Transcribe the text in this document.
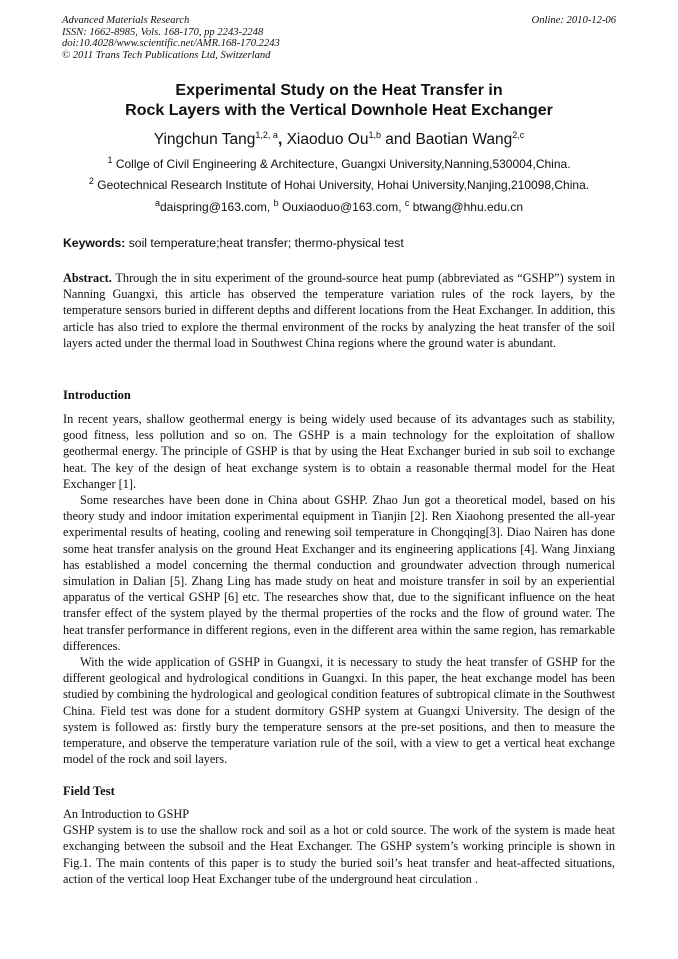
Advanced Materials Research
ISSN: 1662-8985, Vols. 168-170, pp 2243-2248
doi:10.4028/www.scientific.net/AMR.168-170.2243
© 2011 Trans Tech Publications Ltd, Switzerland
Online: 2010-12-06
Experimental Study on the Heat Transfer in
Rock Layers with the Vertical Downhole Heat Exchanger
Yingchun Tang$^{1,2, a}$, Xiaoduo Ou$^{1,b}$ and Baotian Wang$^{2,c}$
$^1$ Collge of Civil Engineering & Architecture, Guangxi University,Nanning,530004,China.
$^2$ Geotechnical Research Institute of Hohai University, Hohai University,Nanjing,210098,China.
$^a$daispring@163.com, $^b$ Ouxiaoduo@163.com, $^c$ btwang@hhu.edu.cn
Keywords: soil temperature;heat transfer; thermo-physical test
Abstract. Through the in situ experiment of the ground-source heat pump (abbreviated as “GSHP”) system in Nanning Guangxi, this article has observed the temperature variation rules of the rock layers, by the temperature sensors buried in different depths and different locations from the Heat Exchanger. In addition, this article has also tried to explore the thermal environment of the rocks by analyzing the heat transfer of the soil layers acted under the thermal load in Southwest China regions where the ground water is abundant.
Introduction

In recent years, shallow geothermal energy is being widely used because of its advantages such as stability, good fitness, less pollution and so on. The GSHP is a main technology for the exploitation of shallow geothermal energy. The principle of GSHP is that by using the Heat Exchanger buried in sub soil to exchange heat. The key of the design of heat exchange system is to obtain a reasonable thermal model for the Heat Exchanger [1].

Some researches have been done in China about GSHP. Zhao Jun got a theoretical model, based on his theory study and indoor imitation experimental equipment in Tianjin [2]. Ren Xiaohong presented the all-year experimental results of heating, cooling and renewing soil temperature in Chongqing[3]. Diao Nairen has done some heat transfer analysis on the ground Heat Exchanger and its engineering applications [4]. Wang Jinxiang has established a model concerning the thermal conduction and groundwater advection through numerical simulation in Dalian [5]. Zhang Ling has made study on heat and moisture transfer in soil by an experiential apparatus of the vertical GSHP [6] etc. The researches show that, due to the significant influence on the heat transfer effect of the system played by the thermal properties of the rocks and the flow of ground water. The heat transfer performance in different regions, even in the different area within the same region, has remarkable differences.

With the wide application of GSHP in Guangxi, it is necessary to study the heat transfer of GSHP for the different geological and hydrological conditions in Guangxi. In this paper, the heat exchange model has been studied by combining the hydrological and geological condition features of subtropical climate in the Southwest China. Field test was done for a student dormitory GSHP system at Guangxi University. The design of the system is followed as: firstly bury the temperature sensors at the pre-set positions, and then to measure the temperature, and observe the temperature variation rule of the soil, with a view to get a vertical heat exchange model of the rock and soil layers.

Field Test

An Introduction to GSHP

GSHP system is to use the shallow rock and soil as a hot or cold source. The work of the system is made heat exchanging between the subsoil and the Heat Exchanger. The GSHP system’s working principle is shown in Fig.1. The main contents of this paper is to study the buried soil’s heat transfer and heat-affected situations, action of the vertical loop Heat Exchanger tube of the underground heat circulation .
